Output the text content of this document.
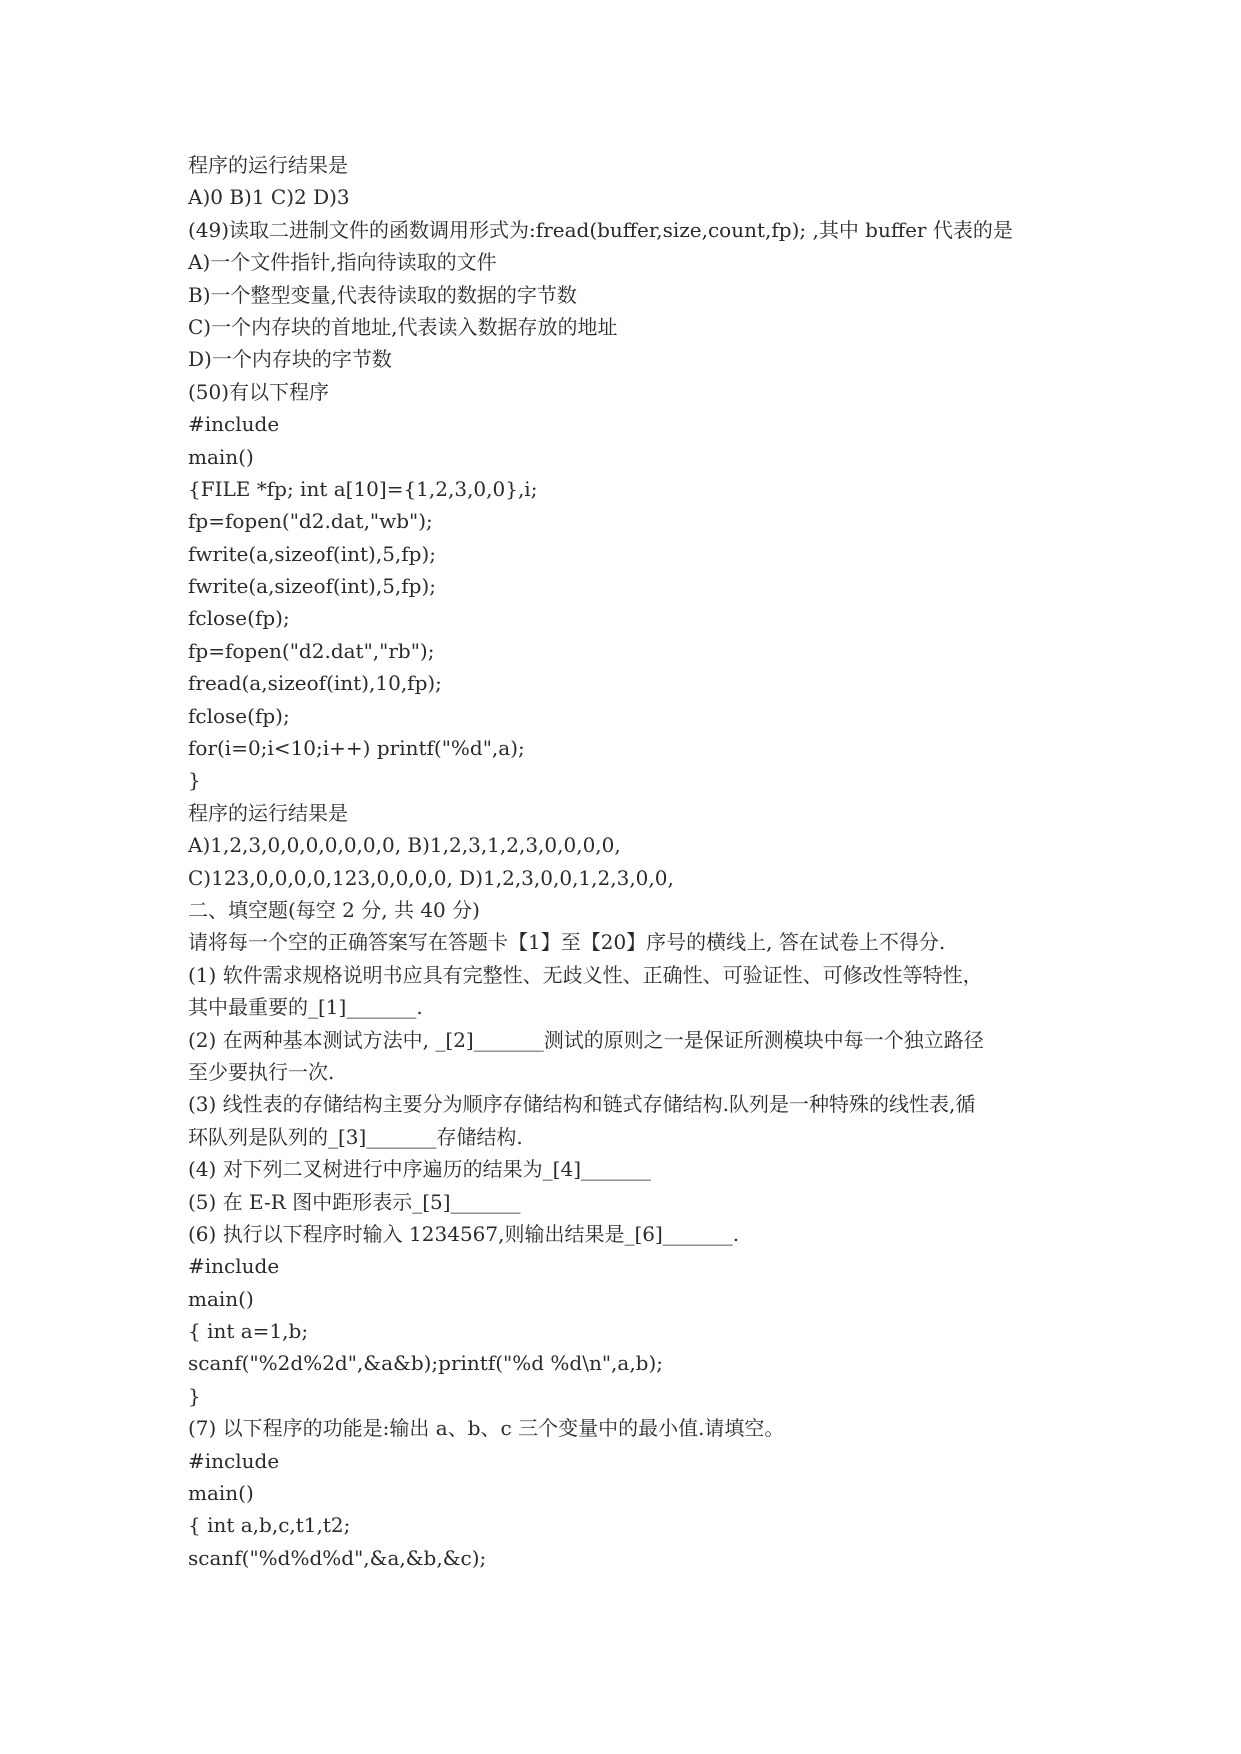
程序的运行结果是
A)0 B)1 C)2 D)3
(49)读取二进制文件的函数调用形式为:fread(buffer,size,count,fp); ,其中 buffer 代表的是
A)一个文件指针,指向待读取的文件
B)一个整型变量,代表待读取的数据的字节数
C)一个内存块的首地址,代表读入数据存放的地址
D)一个内存块的字节数
(50)有以下程序
#include
main()
{FILE *fp; int a[10]={1,2,3,0,0},i;
fp=fopen("d2.dat,"wb");
fwrite(a,sizeof(int),5,fp);
fwrite(a,sizeof(int),5,fp);
fclose(fp);
fp=fopen("d2.dat","rb");
fread(a,sizeof(int),10,fp);
fclose(fp);
for(i=0;i<10;i++) printf("%d",a);
}
程序的运行结果是
A)1,2,3,0,0,0,0,0,0,0, B)1,2,3,1,2,3,0,0,0,0,
C)123,0,0,0,0,123,0,0,0,0, D)1,2,3,0,0,1,2,3,0,0,
二、填空题(每空 2 分, 共 40 分)
请将每一个空的正确答案写在答题卡【1】至【20】序号的横线上, 答在试卷上不得分.
(1) 软件需求规格说明书应具有完整性、无歧义性、正确性、可验证性、可修改性等特性，
其中最重要的_[1]_______.
(2) 在两种基本测试方法中, _[2]_______测试的原则之一是保证所测模块中每一个独立路径
至少要执行一次.
(3) 线性表的存储结构主要分为顺序存储结构和链式存储结构.队列是一种特殊的线性表,循
环队列是队列的_[3]_______存储结构.
(4) 对下列二叉树进行中序遍历的结果为_[4]_______
(5) 在 E-R 图中距形表示_[5]_______
(6) 执行以下程序时输入 1234567,则输出结果是_[6]_______.
#include
main()
{ int a=1,b;
scanf("%2d%2d",&a&b);printf("%d %d\n",a,b);
}
(7) 以下程序的功能是:输出 a、b、c 三个变量中的最小值.请填空。
#include
main()
{ int a,b,c,t1,t2;
scanf("%d%d%d",&a,&b,&c);
